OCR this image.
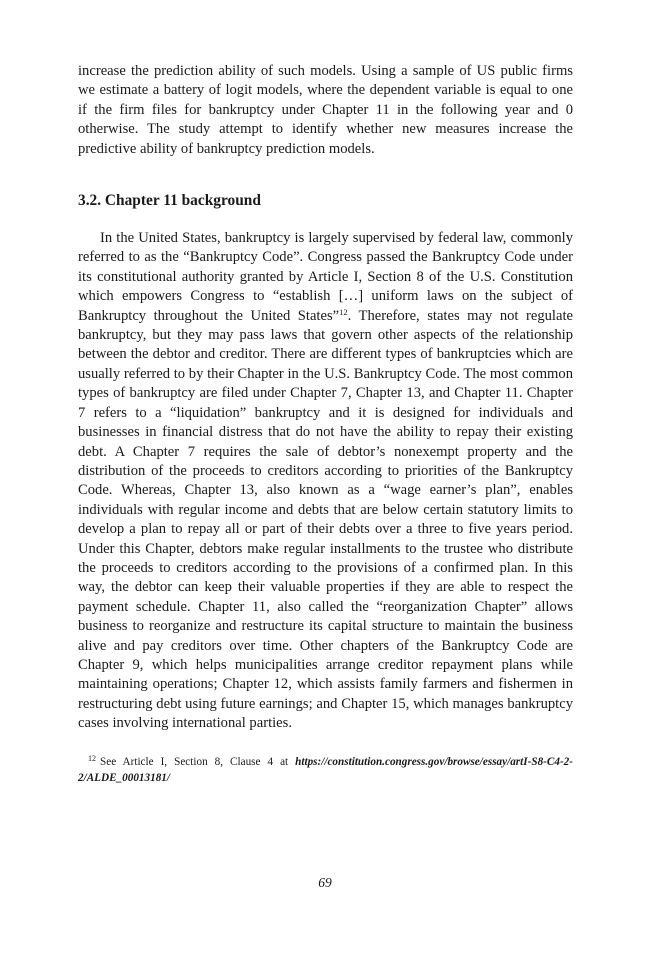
increase the prediction ability of such models. Using a sample of US public firms we estimate a battery of logit models, where the dependent variable is equal to one if the firm files for bankruptcy under Chapter 11 in the following year and 0 otherwise. The study attempt to identify whether new measures increase the predictive ability of bankruptcy prediction models.

3.2. Chapter 11 background

In the United States, bankruptcy is largely supervised by federal law, commonly referred to as the “Bankruptcy Code”. Congress passed the Bankruptcy Code under its constitutional authority granted by Article I, Section 8 of the U.S. Constitution which empowers Congress to “establish […] uniform laws on the subject of Bankruptcy throughout the United States”$^{12}$. Therefore, states may not regulate bankruptcy, but they may pass laws that govern other aspects of the relationship between the debtor and creditor. There are different types of bankruptcies which are usually referred to by their Chapter in the U.S. Bankruptcy Code. The most common types of bankruptcy are filed under Chapter 7, Chapter 13, and Chapter 11. Chapter 7 refers to a “liquidation” bankruptcy and it is designed for individuals and businesses in financial distress that do not have the ability to repay their existing debt. A Chapter 7 requires the sale of debtor’s nonexempt property and the distribution of the proceeds to creditors according to priorities of the Bankruptcy Code. Whereas, Chapter 13, also known as a “wage earner’s plan”, enables individuals with regular income and debts that are below certain statutory limits to develop a plan to repay all or part of their debts over a three to five years period. Under this Chapter, debtors make regular installments to the trustee who distribute the proceeds to creditors according to the provisions of a confirmed plan. In this way, the debtor can keep their valuable properties if they are able to respect the payment schedule. Chapter 11, also called the “reorganization Chapter” allows business to reorganize and restructure its capital structure to maintain the business alive and pay creditors over time. Other chapters of the Bankruptcy Code are Chapter 9, which helps municipalities arrange creditor repayment plans while maintaining operations; Chapter 12, which assists family farmers and fishermen in restructuring debt using future earnings; and Chapter 15, which manages bankruptcy cases involving international parties.

$^{12}$ See Article I, Section 8, Clause 4 at https://constitution.congress.gov/browse/essay/artI-S8-C4-2-2/ALDE_00013181/

69
